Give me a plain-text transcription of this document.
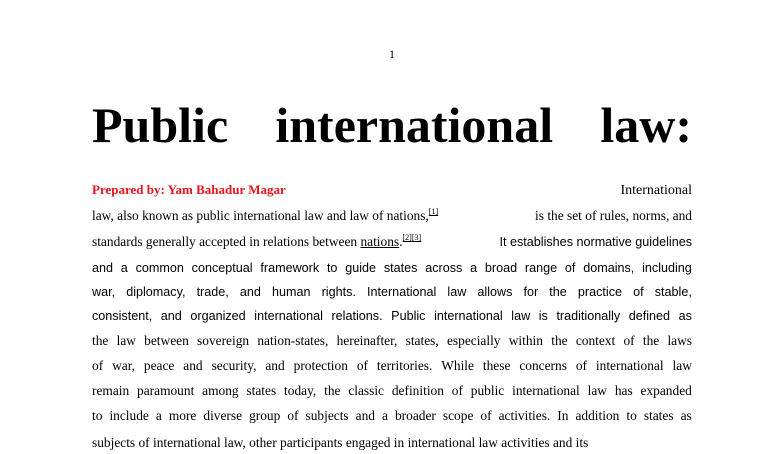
1
Public international law:
Prepared by: Yam Bahadur Magar	International
law, also known as public international law and law of nations,[1]	is the set of rules, norms, and
standards generally accepted in relations between nations.[2][3]	It establishes normative guidelines
and a common conceptual framework to guide states across a broad range of domains, including
war, diplomacy, trade, and human rights. International law allows for the practice of stable,
consistent, and organized international relations. Public international law is traditionally defined as
the law between sovereign nation-states, hereinafter, states, especially within the context of the laws
of war, peace and security, and protection of territories. While these concerns of international law
remain paramount among states today, the classic definition of public international law has expanded
to include a more diverse group of subjects and a broader scope of activities. In addition to states as
subjects of international law, other participants engaged in international law activities and its
